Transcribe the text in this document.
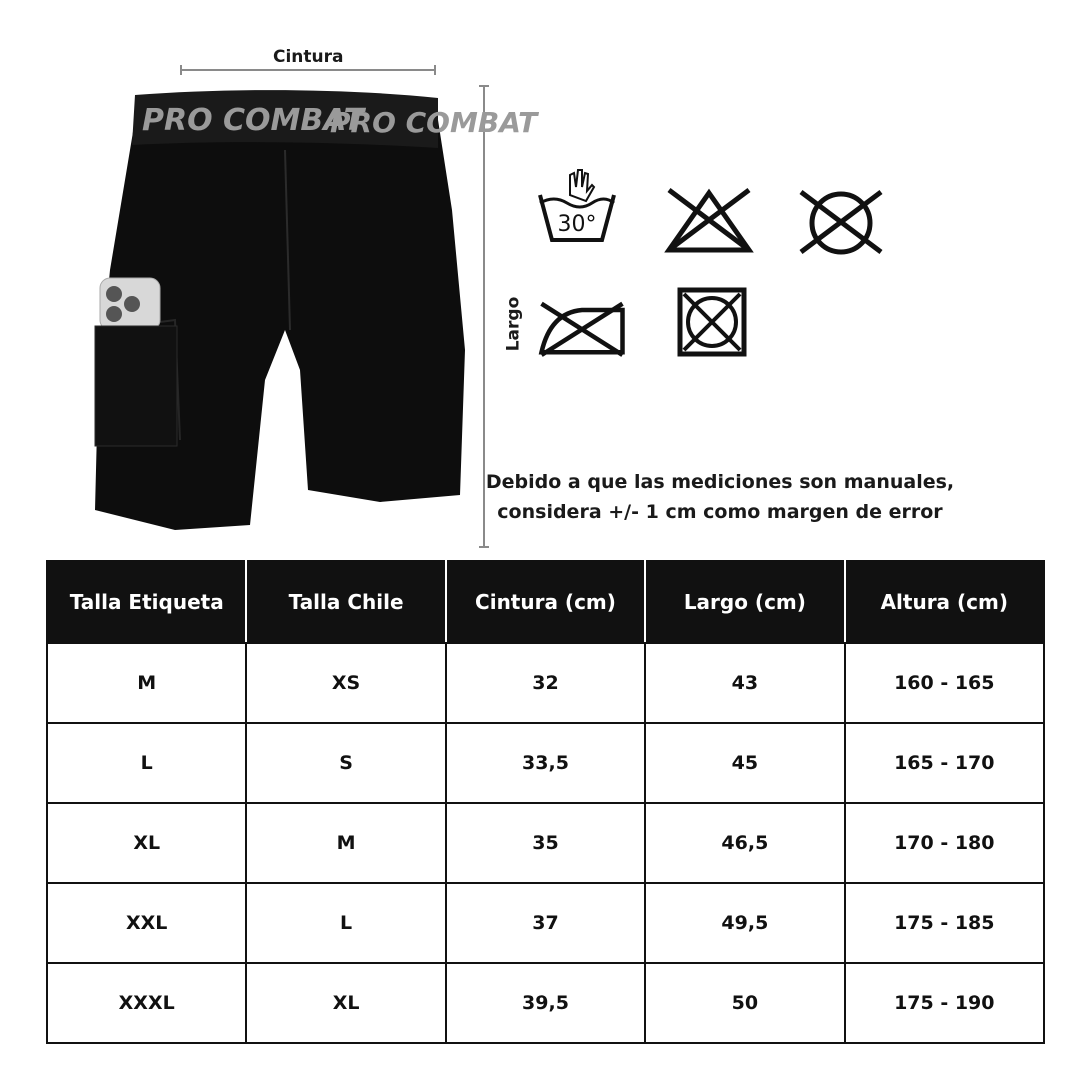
Cintura
Largo
PRO COMBAT
PRO COMBAT
30°
Debido a que las mediciones son manuales,
considera +/- 1 cm como margen de error
Talla Etiqueta	Talla Chile	Cintura (cm)	Largo (cm)	Altura (cm)
M	XS	32	43	160 - 165
L	S	33,5	45	165 - 170
XL	M	35	46,5	170 - 180
XXL	L	37	49,5	175 - 185
XXXL	XL	39,5	50	175 - 190
